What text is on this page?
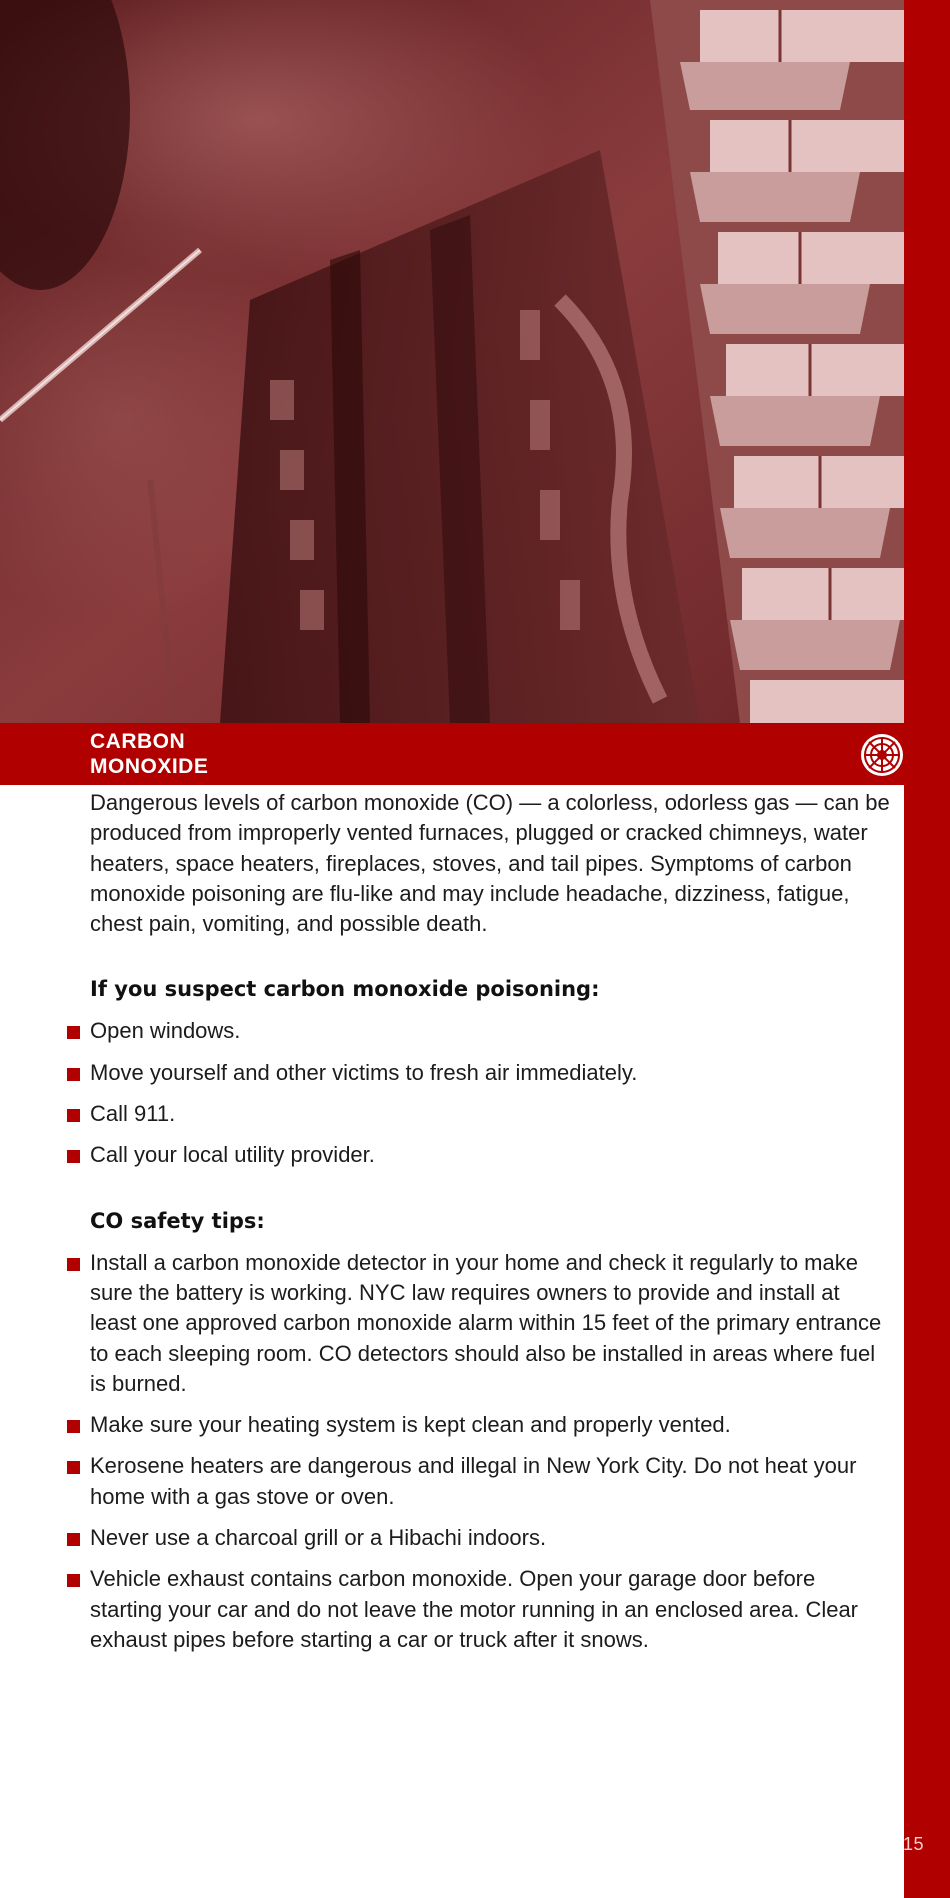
CARBON
MONOXIDE

Dangerous levels of carbon monoxide (CO) — a colorless, odorless gas — can be produced from improperly vented furnaces, plugged or cracked chimneys, water heaters, space heaters, fireplaces, stoves, and tail pipes. Symptoms of carbon monoxide poisoning are flu-like and may include headache, dizziness, fatigue, chest pain, vomiting, and possible death.

If you suspect carbon monoxide poisoning:
Open windows.
Move yourself and other victims to fresh air immediately.
Call 911.
Call your local utility provider.
CO safety tips:
Install a carbon monoxide detector in your home and check it regularly to make sure the battery is working. NYC law requires owners to provide and install at least one approved carbon monoxide alarm within 15 feet of the primary entrance to each sleeping room. CO detectors should also be installed in areas where fuel is burned.
Make sure your heating system is kept clean and properly vented.
Kerosene heaters are dangerous and illegal in New York City. Do not heat your home with a gas stove or oven.
Never use a charcoal grill or a Hibachi indoors.
Vehicle exhaust contains carbon monoxide. Open your garage door before starting your car and do not leave the motor running in an enclosed area. Clear exhaust pipes before starting a car or truck after it snows.
15
